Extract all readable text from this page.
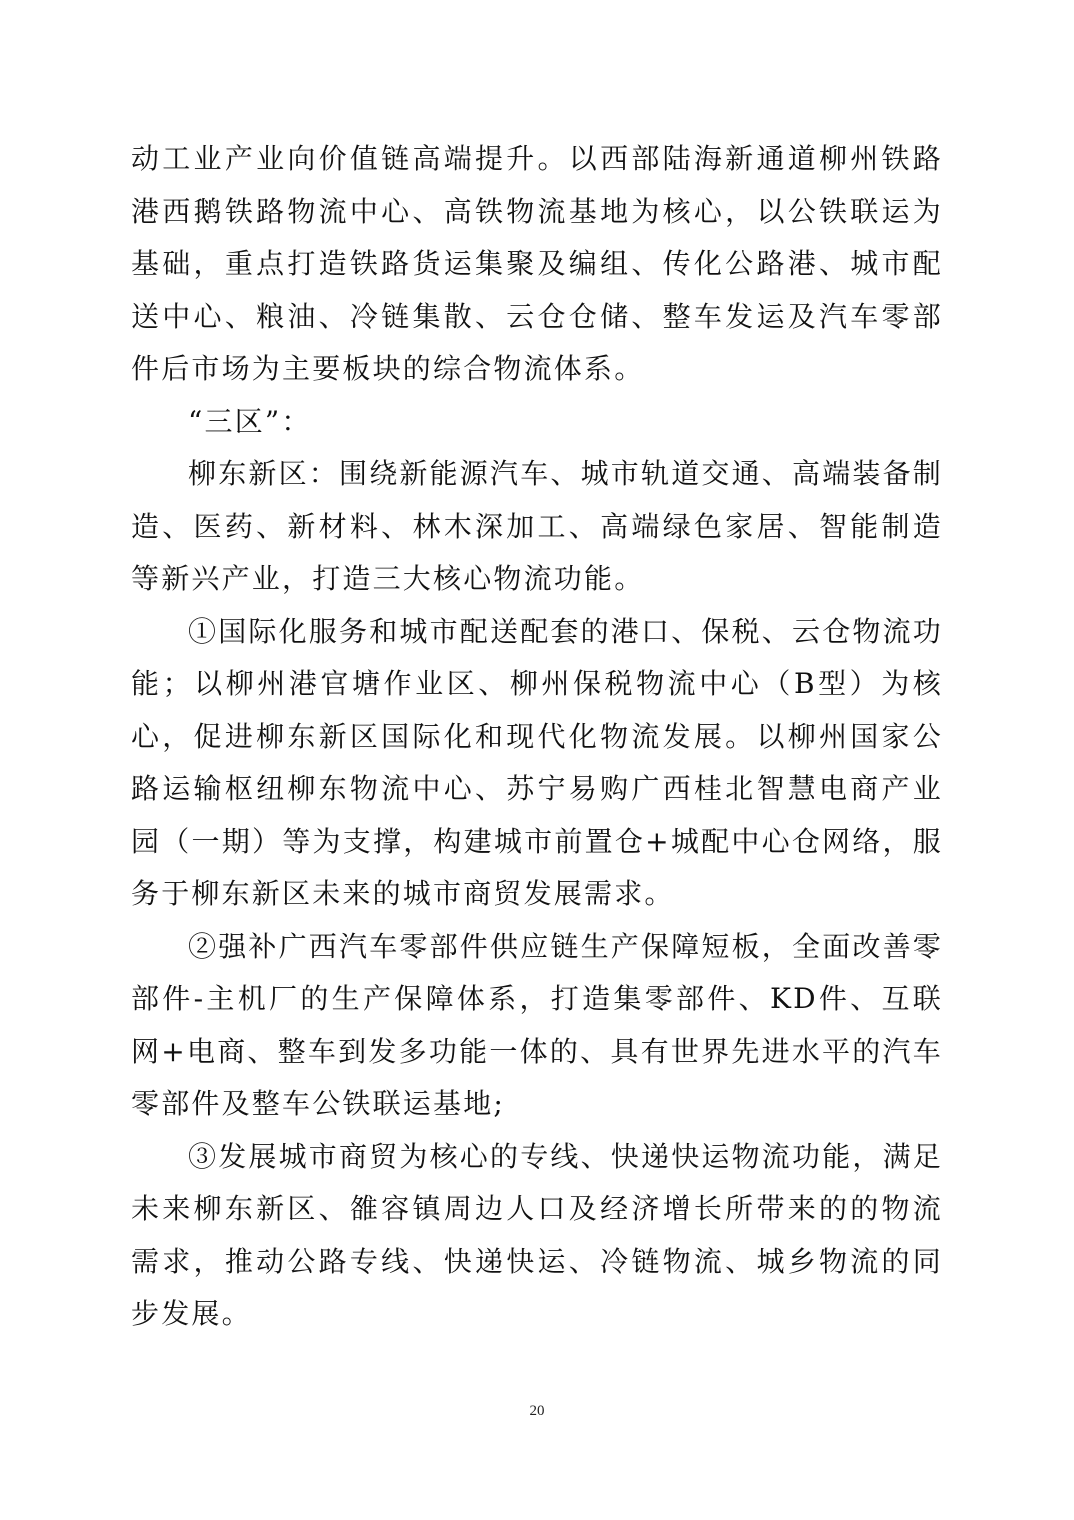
动工业产业向价值链高端提升。以西部陆海新通道柳州铁路港西鹅铁路物流中心、高铁物流基地为核心，以公铁联运为基础，重点打造铁路货运集聚及编组、传化公路港、城市配送中心、粮油、冷链集散、云仓仓储、整车发运及汽车零部件后市场为主要板块的综合物流体系。

“三区”：

柳东新区：围绕新能源汽车、城市轨道交通、高端装备制造、医药、新材料、林木深加工、高端绿色家居、智能制造等新兴产业，打造三大核心物流功能。

①国际化服务和城市配送配套的港口、保税、云仓物流功能；以柳州港官塘作业区、柳州保税物流中心（B型）为核心，促进柳东新区国际化和现代化物流发展。以柳州国家公路运输枢纽柳东物流中心、苏宁易购广西桂北智慧电商产业园（一期）等为支撑，构建城市前置仓+城配中心仓网络，服务于柳东新区未来的城市商贸发展需求。

②强补广西汽车零部件供应链生产保障短板，全面改善零部件-主机厂的生产保障体系，打造集零部件、KD件、互联网+电商、整车到发多功能一体的、具有世界先进水平的汽车零部件及整车公铁联运基地;

③发展城市商贸为核心的专线、快递快运物流功能，满足未来柳东新区、雒容镇周边人口及经济增长所带来的的物流需求，推动公路专线、快递快运、冷链物流、城乡物流的同步发展。

20
